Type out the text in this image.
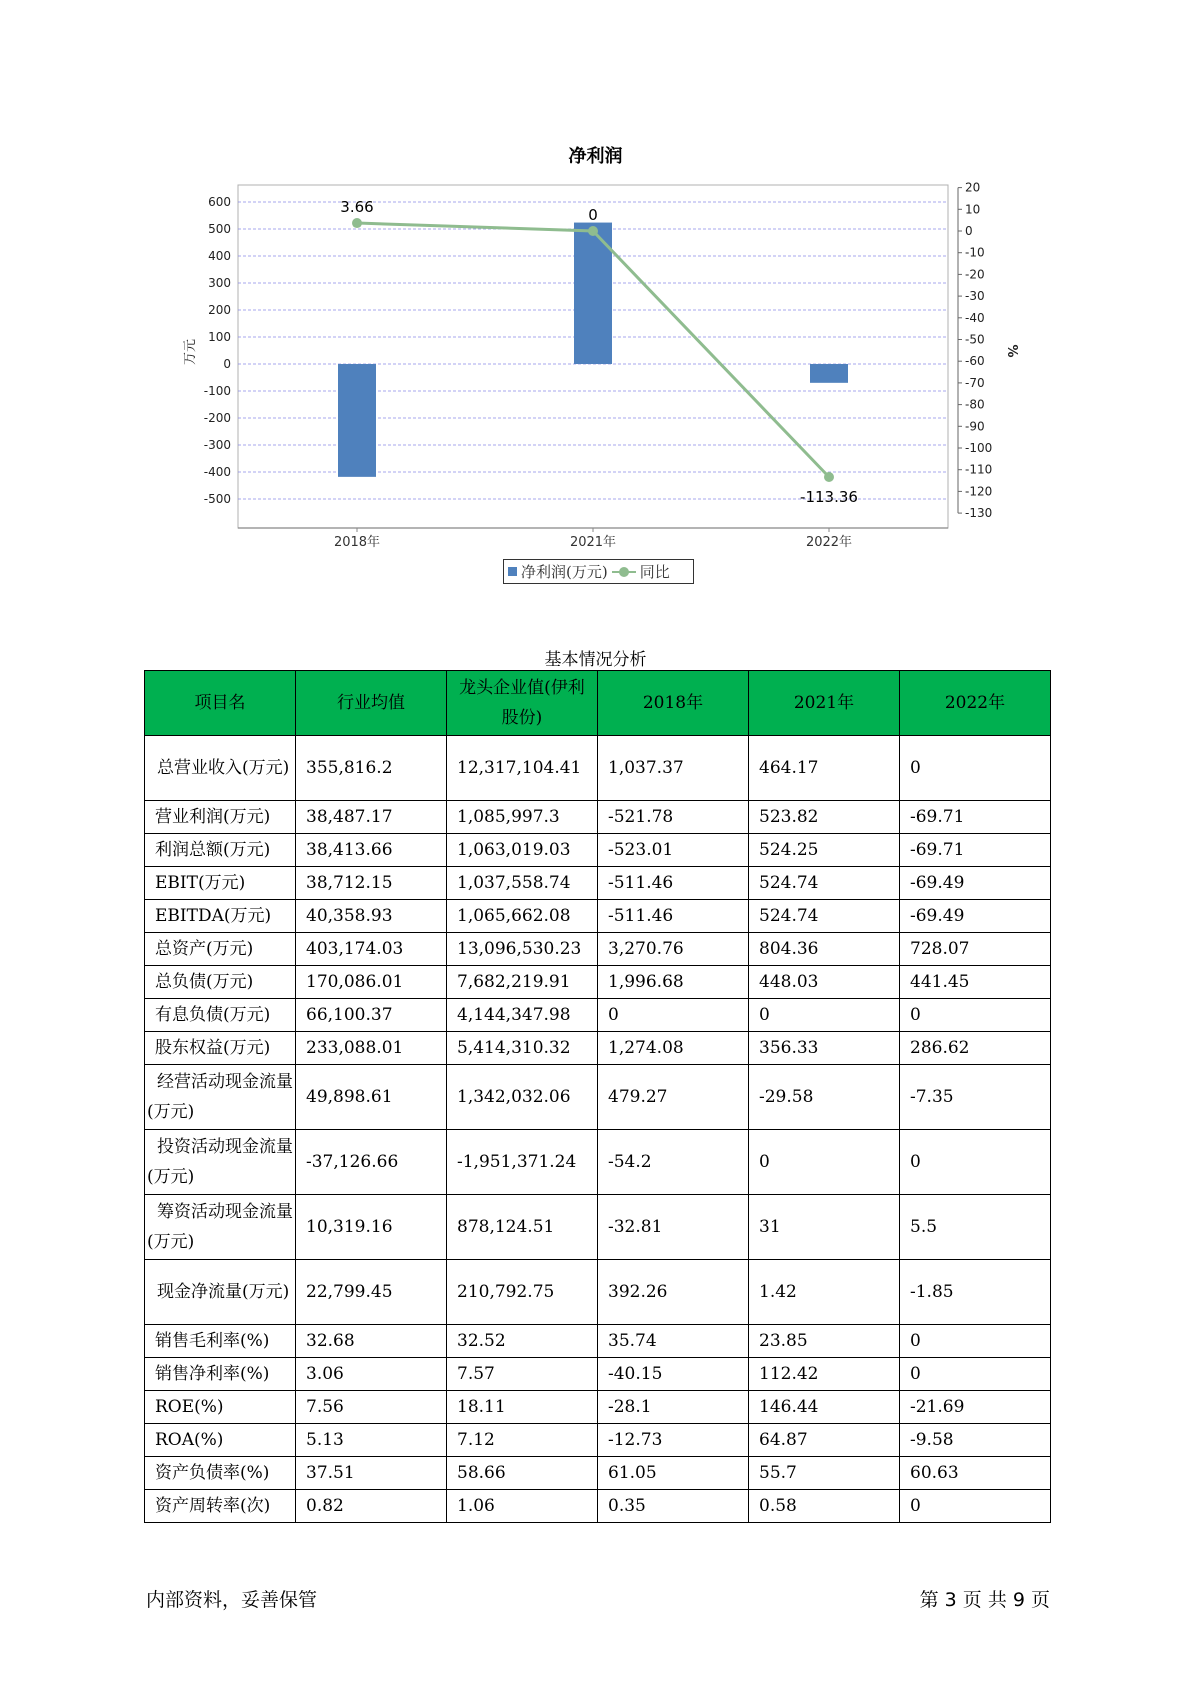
净利润
600
500
400
300
200
100
0
-100
-200
-300
-400
-500
20
10
0
-10
-20
-30
-40
-50
-60
-70
-80
-90
-100
-110
-120
-130
万元	%
2018年	2021年	2022年
3.66	0
-113.36
净利润(万元) 同比
基本情况分析
项目名	行业均值	龙头企业值(伊利股份)	2018年	2021年	2022年
总营业收入(万元)	355,816.2	12,317,104.41	1,037.37	464.17	0
营业利润(万元)	38,487.17	1,085,997.3	-521.78	523.82	-69.71
利润总额(万元)	38,413.66	1,063,019.03	-523.01	524.25	-69.71
EBIT(万元)	38,712.15	1,037,558.74	-511.46	524.74	-69.49
EBITDA(万元)	40,358.93	1,065,662.08	-511.46	524.74	-69.49
总资产(万元)	403,174.03	13,096,530.23	3,270.76	804.36	728.07
总负债(万元)	170,086.01	7,682,219.91	1,996.68	448.03	441.45
有息负债(万元)	66,100.37	4,144,347.98	0	0	0
股东权益(万元)	233,088.01	5,414,310.32	1,274.08	356.33	286.62
经营活动现金流量(万元)	49,898.61	1,342,032.06	479.27	-29.58	-7.35
投资活动现金流量(万元)	-37,126.66	-1,951,371.24	-54.2	0	0
筹资活动现金流量(万元)	10,319.16	878,124.51	-32.81	31	5.5
现金净流量(万元)	22,799.45	210,792.75	392.26	1.42	-1.85
销售毛利率(%)	32.68	32.52	35.74	23.85	0
销售净利率(%)	3.06	7.57	-40.15	112.42	0
ROE(%)	7.56	18.11	-28.1	146.44	-21.69
ROA(%)	5.13	7.12	-12.73	64.87	-9.58
资产负债率(%)	37.51	58.66	61.05	55.7	60.63
资产周转率(次)	0.82	1.06	0.35	0.58	0
内部资料，妥善保管	第 3 页 共 9 页
